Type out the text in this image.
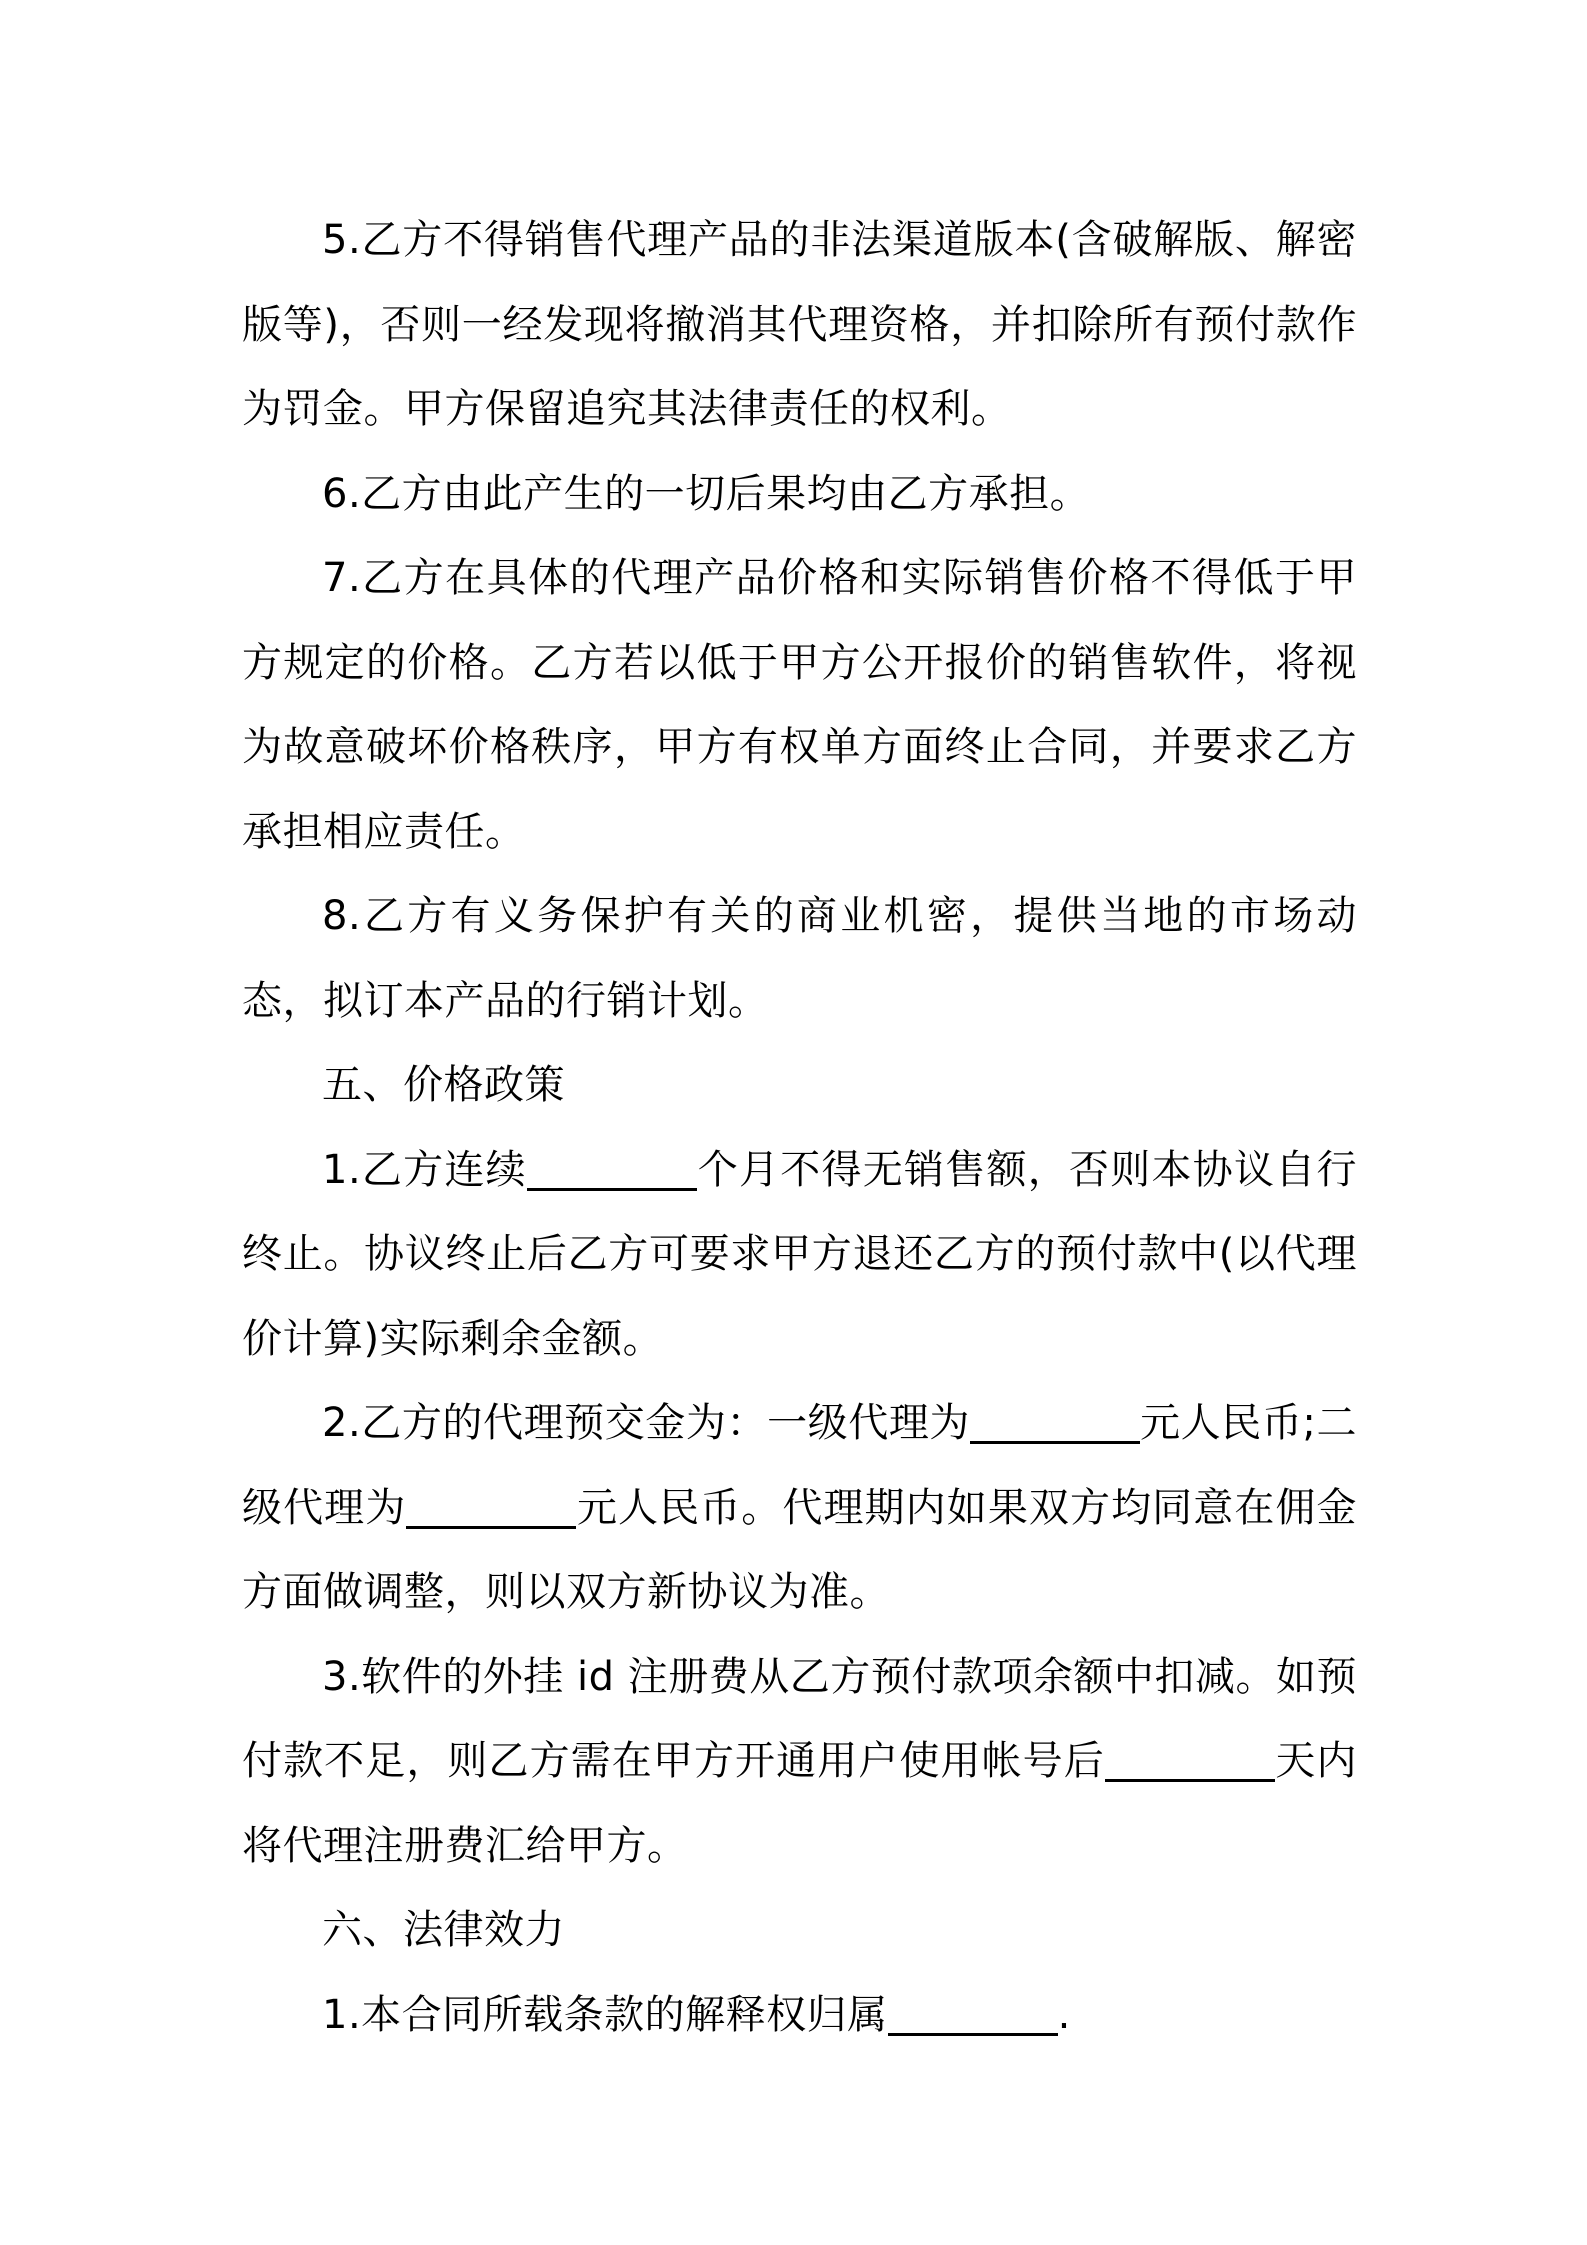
5.乙方不得销售代理产品的非法渠道版本(含破解版、解密版等)，否则一经发现将撤消其代理资格，并扣除所有预付款作为罚金。甲方保留追究其法律责任的权利。

6.乙方由此产生的一切后果均由乙方承担。

7.乙方在具体的代理产品价格和实际销售价格不得低于甲方规定的价格。乙方若以低于甲方公开报价的销售软件，将视为故意破坏价格秩序，甲方有权单方面终止合同，并要求乙方承担相应责任。

8.乙方有义务保护有关的商业机密，提供当地的市场动态，拟订本产品的行销计划。

五、价格政策

1.乙方连续	个月不得无销售额，否则本协议自行终止。协议终止后乙方可要求甲方退还乙方的预付款中(以代理价计算)实际剩余金额。

2.乙方的代理预交金为：一级代理为	元人民币;二级代理为	元人民币。代理期内如果双方均同意在佣金方面做调整，则以双方新协议为准。

3.软件的外挂 id 注册费从乙方预付款项余额中扣减。如预付款不足，则乙方需在甲方开通用户使用帐号后	天内将代理注册费汇给甲方。

六、法律效力

1.本合同所载条款的解释权归属	.
